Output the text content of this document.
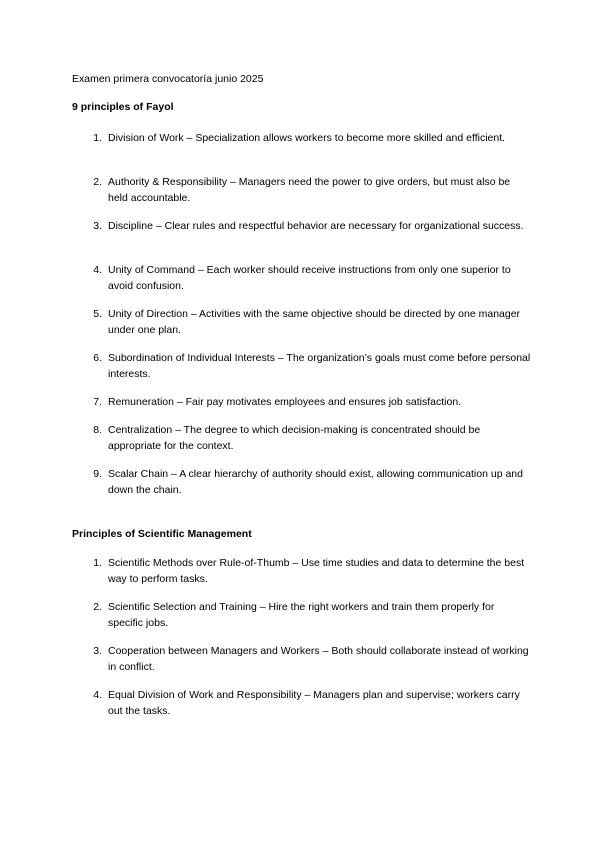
Examen primera convocatoría junio 2025
9 principles of Fayol
1. Division of Work – Specialization allows workers to become more skilled and efficient.
2. Authority & Responsibility – Managers need the power to give orders, but must also be held accountable.
3. Discipline – Clear rules and respectful behavior are necessary for organizational success.
4. Unity of Command – Each worker should receive instructions from only one superior to avoid confusion.
5. Unity of Direction – Activities with the same objective should be directed by one manager under one plan.
6. Subordination of Individual Interests – The organization’s goals must come before personal interests.
7. Remuneration – Fair pay motivates employees and ensures job satisfaction.
8. Centralization – The degree to which decision-making is concentrated should be appropriate for the context.
9. Scalar Chain – A clear hierarchy of authority should exist, allowing communication up and down the chain.
Principles of Scientific Management
1. Scientific Methods over Rule-of-Thumb – Use time studies and data to determine the best way to perform tasks.
2. Scientific Selection and Training – Hire the right workers and train them properly for specific jobs.
3. Cooperation between Managers and Workers – Both should collaborate instead of working in conflict.
4. Equal Division of Work and Responsibility – Managers plan and supervise; workers carry out the tasks.
